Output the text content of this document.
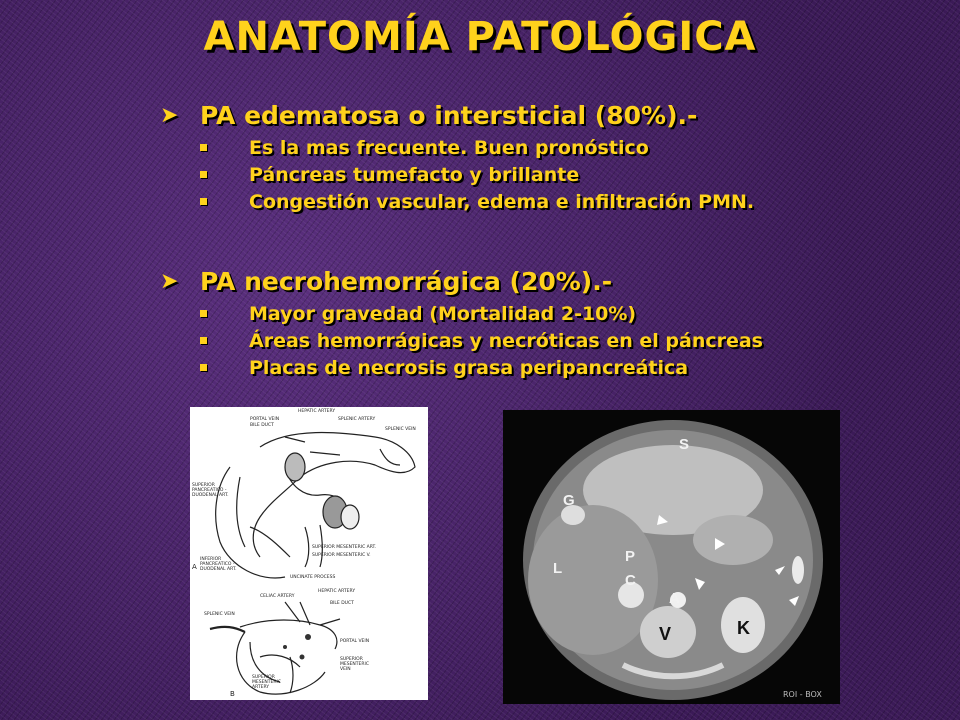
ANATOMÍA PATOLÓGICA
➤ PA edematosa o intersticial (80%).-
Es la mas frecuente. Buen pronóstico
Páncreas tumefacto y brillante
Congestión vascular, edema e infiltración PMN.
➤ PA necrohemorrágica (20%).-
Mayor gravedad (Mortalidad 2-10%)
Áreas hemorrágicas y necróticas en el páncreas
Placas de necrosis grasa peripancreática
HEPATIC ARTERY
PORTAL VEIN
BILE DUCT
SPLENIC ARTERY
SPLENIC VEIN
SUPERIOR PANCREATICO - DUODENAL ART.
INFERIOR PANCREATICO - DUODENAL ART.
SUPERIOR MESENTERIC ART.
SUPERIOR MESENTERIC V.
UNCINATE PROCESS
CELIAC ARTERY
HEPATIC ARTERY
BILE DUCT
SPLENIC VEIN
PORTAL VEIN
SUPERIOR MESENTERIC VEIN
SUPERIOR MESENTERIC ARTERY
A
B
S
G
L
P
C
A
V	K
ROI - BOX
